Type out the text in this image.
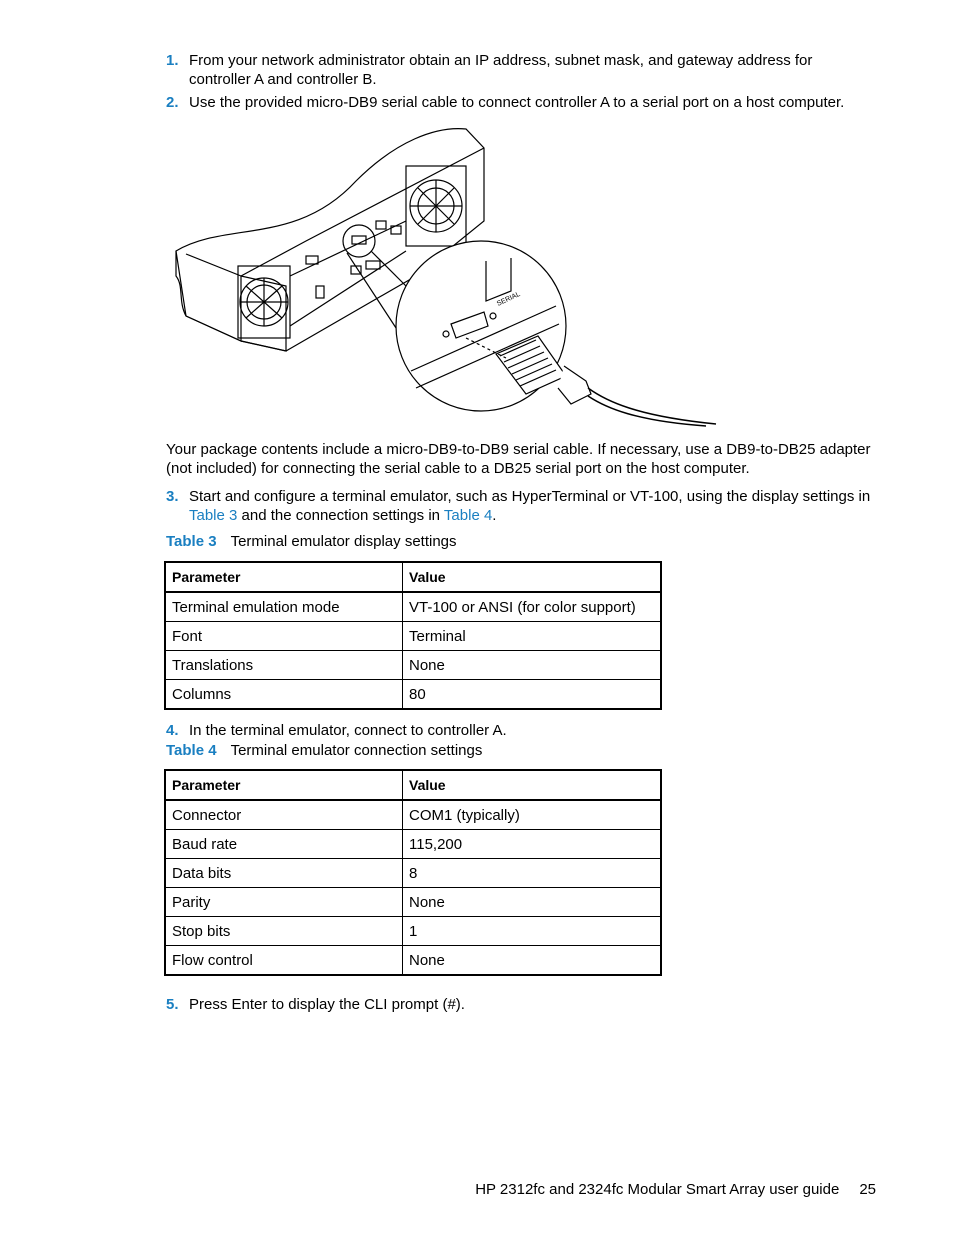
1. From your network administrator obtain an IP address, subnet mask, and gateway address for controller A and controller B.
2. Use the provided micro-DB9 serial cable to connect controller A to a serial port on a host computer.
SERIAL
Your package contents include a micro-DB9-to-DB9 serial cable. If necessary, use a DB9-to-DB25 adapter (not included) for connecting the serial cable to a DB25 serial port on the host computer.
3. Start and configure a terminal emulator, such as HyperTerminal or VT-100, using the display settings in Table 3 and the connection settings in Table 4.
Table 3 Terminal emulator display settings
Parameter	Value
Terminal emulation mode	VT-100 or ANSI (for color support)
Font	Terminal
Translations	None
Columns	80
4. In the terminal emulator, connect to controller A.
Table 4 Terminal emulator connection settings
Parameter	Value
Connector	COM1 (typically)
Baud rate	115,200
Data bits	8
Parity	None
Stop bits	1
Flow control	None
5. Press Enter to display the CLI prompt (#).
HP 2312fc and 2324fc Modular Smart Array user guide 25
